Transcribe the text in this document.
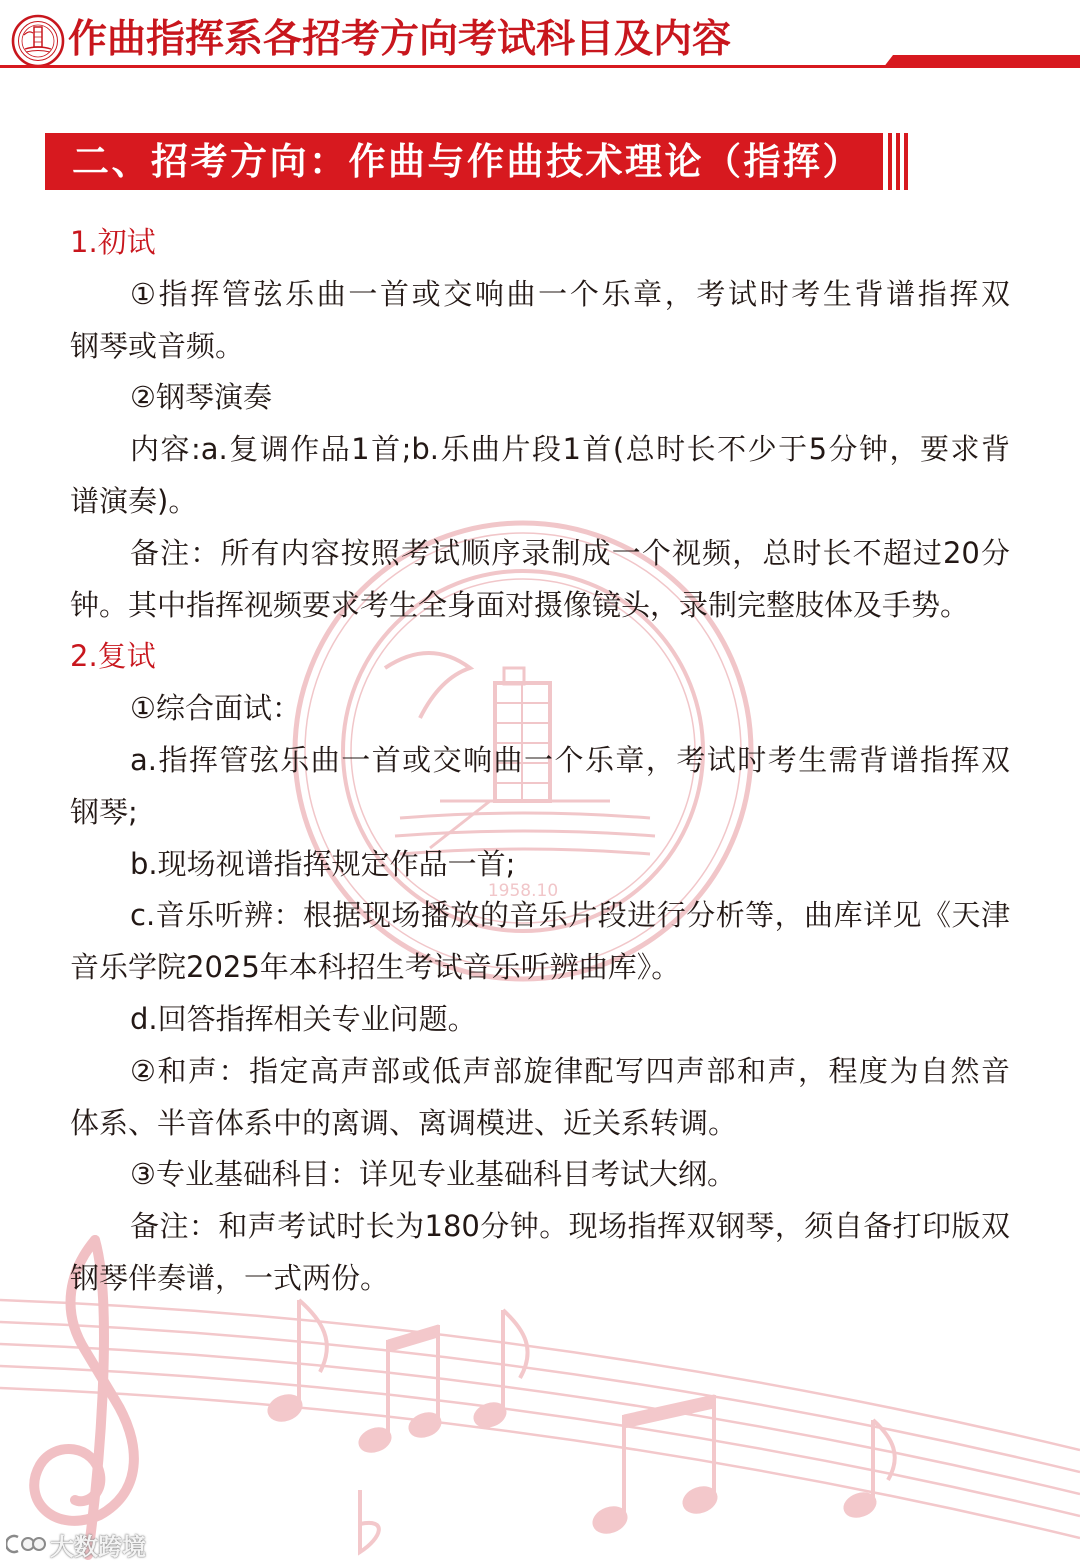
作曲指挥系各招考方向考试科目及内容
二、招考方向：作曲与作曲技术理论（指挥）
1958.10
1.初试
①指挥管弦乐曲一首或交响曲一个乐章，考试时考生背谱指挥双
钢琴或音频。
②钢琴演奏
内容:a.复调作品1首;b.乐曲片段1首(总时长不少于5分钟，要求背
谱演奏)。
备注：所有内容按照考试顺序录制成一个视频，总时长不超过20分
钟。其中指挥视频要求考生全身面对摄像镜头，录制完整肢体及手势。
2.复试
①综合面试：
a.指挥管弦乐曲一首或交响曲一个乐章，考试时考生需背谱指挥双
钢琴;
b.现场视谱指挥规定作品一首;
c.音乐听辨：根据现场播放的音乐片段进行分析等，曲库详见《天津
音乐学院2025年本科招生考试音乐听辨曲库》。
d.回答指挥相关专业问题。
②和声：指定高声部或低声部旋律配写四声部和声，程度为自然音
体系、半音体系中的离调、离调模进、近关系转调。
③专业基础科目：详见专业基础科目考试大纲。
备注：和声考试时长为180分钟。现场指挥双钢琴，须自备打印版双
钢琴伴奏谱，一式两份。
大数跨境
